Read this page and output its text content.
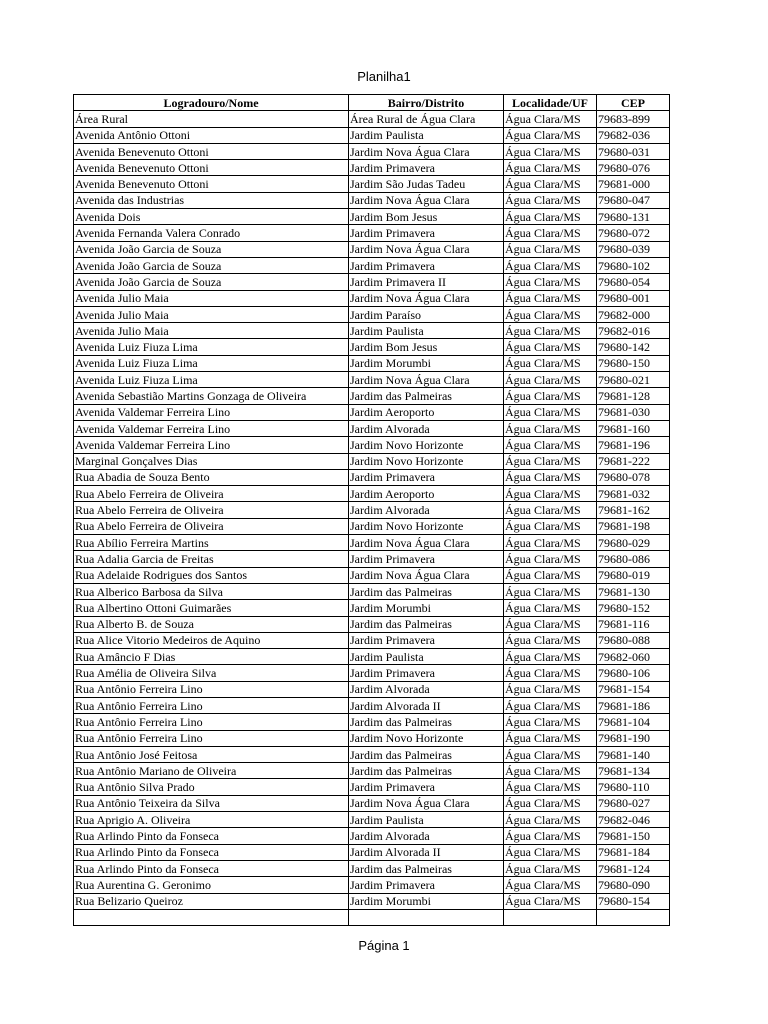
Planilha1
Logradouro/Nome	Bairro/Distrito	Localidade/UF	CEP
Área Rural	Área Rural de Água Clara	Água Clara/MS	79683-899
Avenida Antônio Ottoni	Jardim Paulista	Água Clara/MS	79682-036
Avenida Benevenuto Ottoni	Jardim Nova Água Clara	Água Clara/MS	79680-031
Avenida Benevenuto Ottoni	Jardim Primavera	Água Clara/MS	79680-076
Avenida Benevenuto Ottoni	Jardim São Judas Tadeu	Água Clara/MS	79681-000
Avenida das Industrias	Jardim Nova Água Clara	Água Clara/MS	79680-047
Avenida Dois	Jardim Bom Jesus	Água Clara/MS	79680-131
Avenida Fernanda Valera Conrado	Jardim Primavera	Água Clara/MS	79680-072
Avenida João Garcia de Souza	Jardim Nova Água Clara	Água Clara/MS	79680-039
Avenida João Garcia de Souza	Jardim Primavera	Água Clara/MS	79680-102
Avenida João Garcia de Souza	Jardim Primavera II	Água Clara/MS	79680-054
Avenida Julio Maia	Jardim Nova Água Clara	Água Clara/MS	79680-001
Avenida Julio Maia	Jardim Paraíso	Água Clara/MS	79682-000
Avenida Julio Maia	Jardim Paulista	Água Clara/MS	79682-016
Avenida Luiz Fiuza Lima	Jardim Bom Jesus	Água Clara/MS	79680-142
Avenida Luiz Fiuza Lima	Jardim Morumbi	Água Clara/MS	79680-150
Avenida Luiz Fiuza Lima	Jardim Nova Água Clara	Água Clara/MS	79680-021
Avenida Sebastião Martins Gonzaga de Oliveira	Jardim das Palmeiras	Água Clara/MS	79681-128
Avenida Valdemar Ferreira Lino	Jardim Aeroporto	Água Clara/MS	79681-030
Avenida Valdemar Ferreira Lino	Jardim Alvorada	Água Clara/MS	79681-160
Avenida Valdemar Ferreira Lino	Jardim Novo Horizonte	Água Clara/MS	79681-196
Marginal Gonçalves Dias	Jardim Novo Horizonte	Água Clara/MS	79681-222
Rua Abadia de Souza Bento	Jardim Primavera	Água Clara/MS	79680-078
Rua Abelo Ferreira de Oliveira	Jardim Aeroporto	Água Clara/MS	79681-032
Rua Abelo Ferreira de Oliveira	Jardim Alvorada	Água Clara/MS	79681-162
Rua Abelo Ferreira de Oliveira	Jardim Novo Horizonte	Água Clara/MS	79681-198
Rua Abílio Ferreira Martins	Jardim Nova Água Clara	Água Clara/MS	79680-029
Rua Adalia Garcia de Freitas	Jardim Primavera	Água Clara/MS	79680-086
Rua Adelaide Rodrigues dos Santos	Jardim Nova Água Clara	Água Clara/MS	79680-019
Rua Alberico Barbosa da Silva	Jardim das Palmeiras	Água Clara/MS	79681-130
Rua Albertino Ottoni Guimarães	Jardim Morumbi	Água Clara/MS	79680-152
Rua Alberto B. de Souza	Jardim das Palmeiras	Água Clara/MS	79681-116
Rua Alice Vitorio Medeiros de Aquino	Jardim Primavera	Água Clara/MS	79680-088
Rua Amâncio F Dias	Jardim Paulista	Água Clara/MS	79682-060
Rua Amélia de Oliveira Silva	Jardim Primavera	Água Clara/MS	79680-106
Rua Antônio Ferreira Lino	Jardim Alvorada	Água Clara/MS	79681-154
Rua Antônio Ferreira Lino	Jardim Alvorada II	Água Clara/MS	79681-186
Rua Antônio Ferreira Lino	Jardim das Palmeiras	Água Clara/MS	79681-104
Rua Antônio Ferreira Lino	Jardim Novo Horizonte	Água Clara/MS	79681-190
Rua Antônio José Feitosa	Jardim das Palmeiras	Água Clara/MS	79681-140
Rua Antônio Mariano de Oliveira	Jardim das Palmeiras	Água Clara/MS	79681-134
Rua Antônio Silva Prado	Jardim Primavera	Água Clara/MS	79680-110
Rua Antônio Teixeira da Silva	Jardim Nova Água Clara	Água Clara/MS	79680-027
Rua Aprigio A. Oliveira	Jardim Paulista	Água Clara/MS	79682-046
Rua Arlindo Pinto da Fonseca	Jardim Alvorada	Água Clara/MS	79681-150
Rua Arlindo Pinto da Fonseca	Jardim Alvorada II	Água Clara/MS	79681-184
Rua Arlindo Pinto da Fonseca	Jardim das Palmeiras	Água Clara/MS	79681-124
Rua Aurentina G. Geronimo	Jardim Primavera	Água Clara/MS	79680-090
Rua Belizario Queiroz	Jardim Morumbi	Água Clara/MS	79680-154

Página 1
